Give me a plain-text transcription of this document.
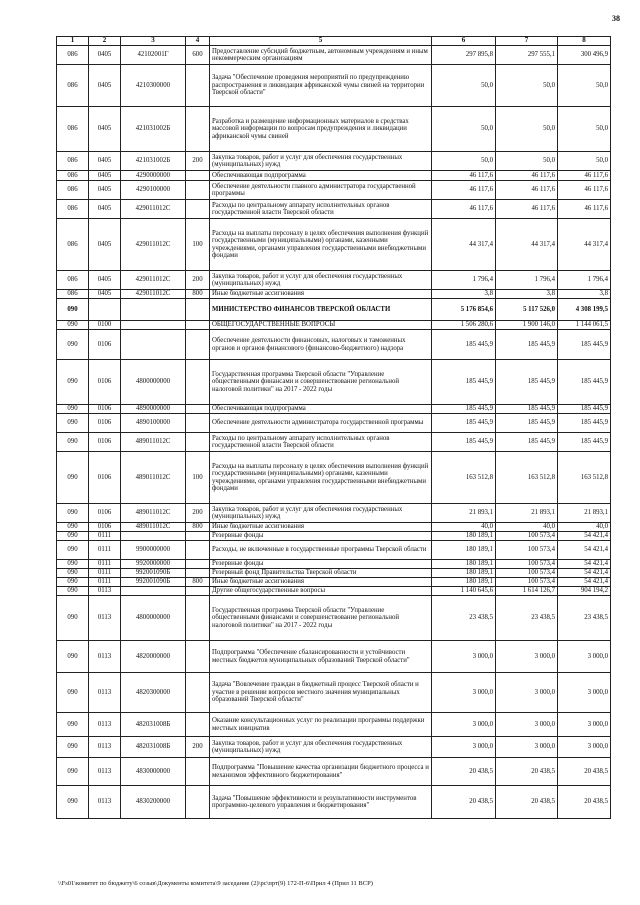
38
1	2	3	4	5	6	7	8
086	0405	42102001Г	600	Предоставление субсидий бюджетным, автономным учреждениям и иным некоммерческим организациям	297 895,8	297 555,1	300 496,9
086	0405	4210300000		Задача "Обеспечение проведения мероприятий по предупреждению распространения и ликвидация африканской чумы свиней на территории Тверской области"	50,0	50,0	50,0
086	0405	421031002Б		Разработка и размещение информационных материалов в средствах массовой информации по вопросам предупреждения и ликвидации африканской чумы свиней	50,0	50,0	50,0
086	0405	421031002Б	200	Закупка товаров, работ и услуг для обеспечения государственных (муниципальных) нужд	50,0	50,0	50,0
086	0405	4290000000		Обеспечивающая подпрограмма	46 117,6	46 117,6	46 117,6
086	0405	4290100000		Обеспечение деятельности главного администратора государственной программы	46 117,6	46 117,6	46 117,6
086	0405	429011012С		Расходы по центральному аппарату исполнительных органов государственной власти Тверской области	46 117,6	46 117,6	46 117,6
086	0405	429011012С	100	Расходы на выплаты персоналу в целях обеспечения выполнения функций государственными (муниципальными) органами, казенными учреждениями, органами управления государственными внебюджетными фондами	44 317,4	44 317,4	44 317,4
086	0405	429011012С	200	Закупка товаров, работ и услуг для обеспечения государственных (муниципальных) нужд	1 796,4	1 796,4	1 796,4
086	0405	429011012С	800	Иные бюджетные ассигнования	3,8	3,8	3,8
090				МИНИСТЕРСТВО ФИНАНСОВ ТВЕРСКОЙ ОБЛАСТИ	5 176 854,6	5 117 526,0	4 308 199,5
090	0100			ОБЩЕГОСУДАРСТВЕННЫЕ ВОПРОСЫ	1 506 280,6	1 900 146,0	1 144 061,5
090	0106			Обеспечение деятельности финансовых, налоговых и таможенных органов и органов финансового (финансово-бюджетного) надзора	185 445,9	185 445,9	185 445,9
090	0106	4800000000		Государственная программа Тверской области "Управление общественными финансами и совершенствование региональной налоговой политики" на 2017 - 2022 годы	185 445,9	185 445,9	185 445,9
090	0106	4890000000		Обеспечивающая подпрограмма	185 445,9	185 445,9	185 445,9
090	0106	4890100000		Обеспечение деятельности администратора государственной программы	185 445,9	185 445,9	185 445,9
090	0106	489011012С		Расходы по центральному аппарату исполнительных органов государственной власти Тверской области	185 445,9	185 445,9	185 445,9
090	0106	489011012С	100	Расходы на выплаты персоналу в целях обеспечения выполнения функций государственными (муниципальными) органами, казенными учреждениями, органами управления государственными внебюджетными фондами	163 512,8	163 512,8	163 512,8
090	0106	489011012С	200	Закупка товаров, работ и услуг для обеспечения государственных (муниципальных) нужд	21 893,1	21 893,1	21 893,1
090	0106	489011012С	800	Иные бюджетные ассигнования	40,0	40,0	40,0
090	0111			Резервные фонды	180 189,1	100 573,4	54 421,4
090	0111	9900000000		Расходы, не включенные в государственные программы Тверской области	180 189,1	100 573,4	54 421,4
090	0111	9920000000		Резервные фонды	180 189,1	100 573,4	54 421,4
090	0111	992001090Б		Резервный фонд Правительства Тверской области	180 189,1	100 573,4	54 421,4
090	0111	992001090Б	800	Иные бюджетные ассигнования	180 189,1	100 573,4	54 421,4
090	0113			Другие общегосударственные вопросы	1 140 645,6	1 614 126,7	904 194,2
090	0113	4800000000		Государственная программа Тверской области "Управление общественными финансами и совершенствование региональной налоговой политики" на 2017 - 2022 годы	23 438,5	23 438,5	23 438,5
090	0113	4820000000		Подпрограмма "Обеспечение сбалансированности и устойчивости местных бюджетов муниципальных образований Тверской области"	3 000,0	3 000,0	3 000,0
090	0113	4820300000		Задача "Вовлечение граждан в бюджетный процесс Тверской области и участие в решении вопросов местного значения муниципальных образований Тверской области"	3 000,0	3 000,0	3 000,0
090	0113	482031008Б		Оказание консультационных услуг по реализации программы поддержки местных инициатив	3 000,0	3 000,0	3 000,0
090	0113	482031008Б	200	Закупка товаров, работ и услуг для обеспечения государственных (муниципальных) нужд	3 000,0	3 000,0	3 000,0
090	0113	4830000000		Подпрограмма "Повышение качества организации бюджетного процесса и механизмов эффективного бюджетирования"	20 438,5	20 438,5	20 438,5
090	0113	4830200000		Задача "Повышение эффективности и результативности инструментов программно-целевого управления и бюджетирования"	20 438,5	20 438,5	20 438,5
\\Fs01\комитет по бюджету\6 созыв\Документы комитета\9 заседание (2)\рс\прт(9) 172-П-6\Прил 4 (Прил 11 ВСР)
